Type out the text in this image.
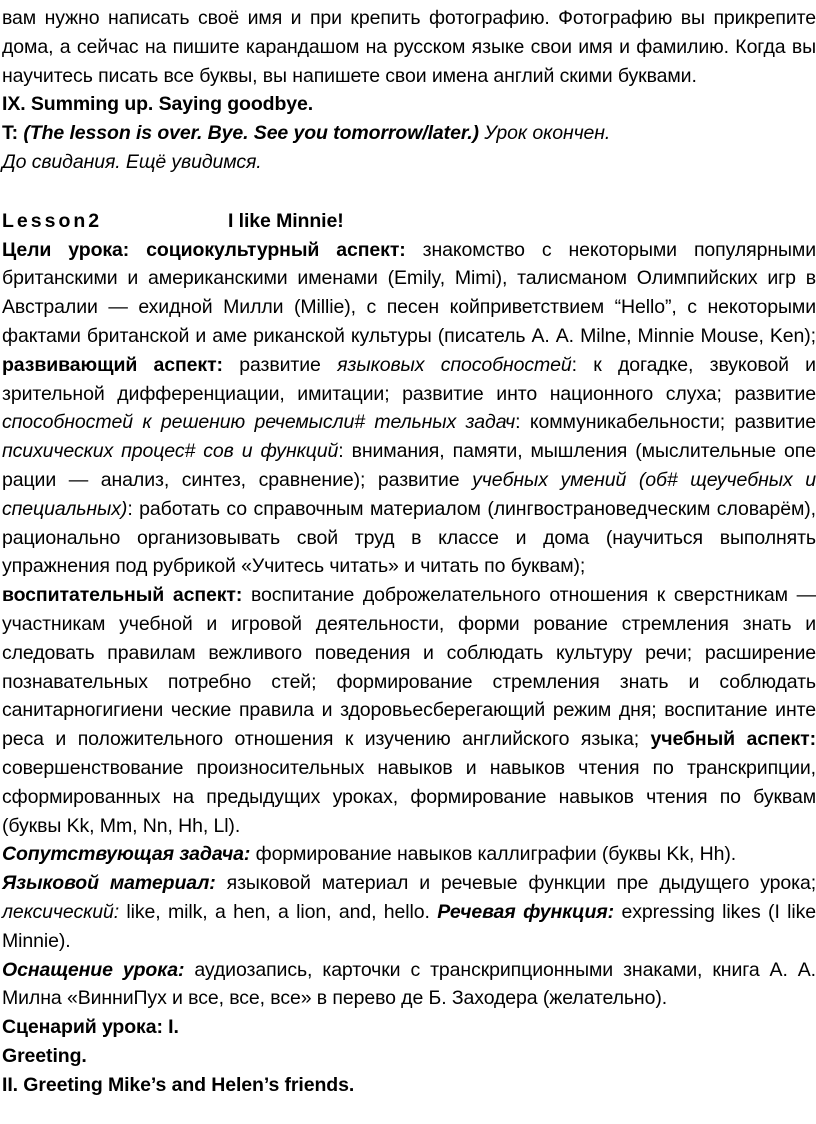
вам нужно написать своё имя и при крепить фотографию. Фотографию вы прикрепите дома, а сейчас на пишите карандашом на русском языке свои имя и фамилию. Когда вы научитесь писать все буквы, вы напишете свои имена англий скими буквами.

IX. Summing up. Saying goodbye.

T: (The lesson is over. Bye. See you tomorrow/later.) Урок окончен.

До свидания. Ещё увидимся.

Lesson2	I like Minnie!

Цели урока: социокультурный аспект: знакомство с некоторыми популярными британскими и американскими именами (Emily, Mimi), талисманом Олимпийских игр в Австралии — ехидной Милли (Millie), с песен койприветствием “Hello”, с некоторыми фактами британской и аме риканской культуры (писатель А. А. Milne, Minnie Mouse, Ken); развивающий аспект: развитие языковых способностей: к догадке, звуковой и зрительной дифференциации, имитации; развитие инто национного слуха; развитие способностей к решению речемысли# тельных задач: коммуникабельности; развитие психических процес# сов и функций: внимания, памяти, мышления (мыслительные опе рации — анализ, синтез, сравнение); развитие учебных умений (об# щеучебных и специальных): работать со справочным материалом (лингвострановедческим словарём), рационально организовывать свой труд в классе и дома (научиться выполнять упражнения под рубрикой «Учитесь читать» и читать по буквам);

воспитательный аспект: воспитание доброжелательного отношения к сверстникам — участникам учебной и игровой деятельности, форми рование стремления знать и следовать правилам вежливого поведения и соблюдать культуру речи; расширение познавательных потребно стей; формирование стремления знать и соблюдать санитарногигиени ческие правила и здоровьесберегающий режим дня; воспитание инте реса и положительного отношения к изучению английского языка; учебный аспект: совершенствование произносительных навыков и навыков чтения по транскрипции, сформированных на предыдущих уроках, формирование навыков чтения по буквам (буквы Kk, Mm, Nn, Hh, Ll).

Сопутствующая задача: формирование навыков каллиграфии (буквы Kk, Hh).

Языковой материал: языковой материал и речевые функции пре дыдущего урока; лексический: like, milk, a hen, a lion, and, hello. Речевая функция: expressing likes (I like Minnie).

Оснащение урока: аудиозапись, карточки с транскрипционными знаками, книга А. А. Милна «ВинниПух и все, все, все» в перево де Б. Заходера (желательно).

Сценарий урока: I.

Greeting.

II. Greeting Mike’s and Helen’s friends.
